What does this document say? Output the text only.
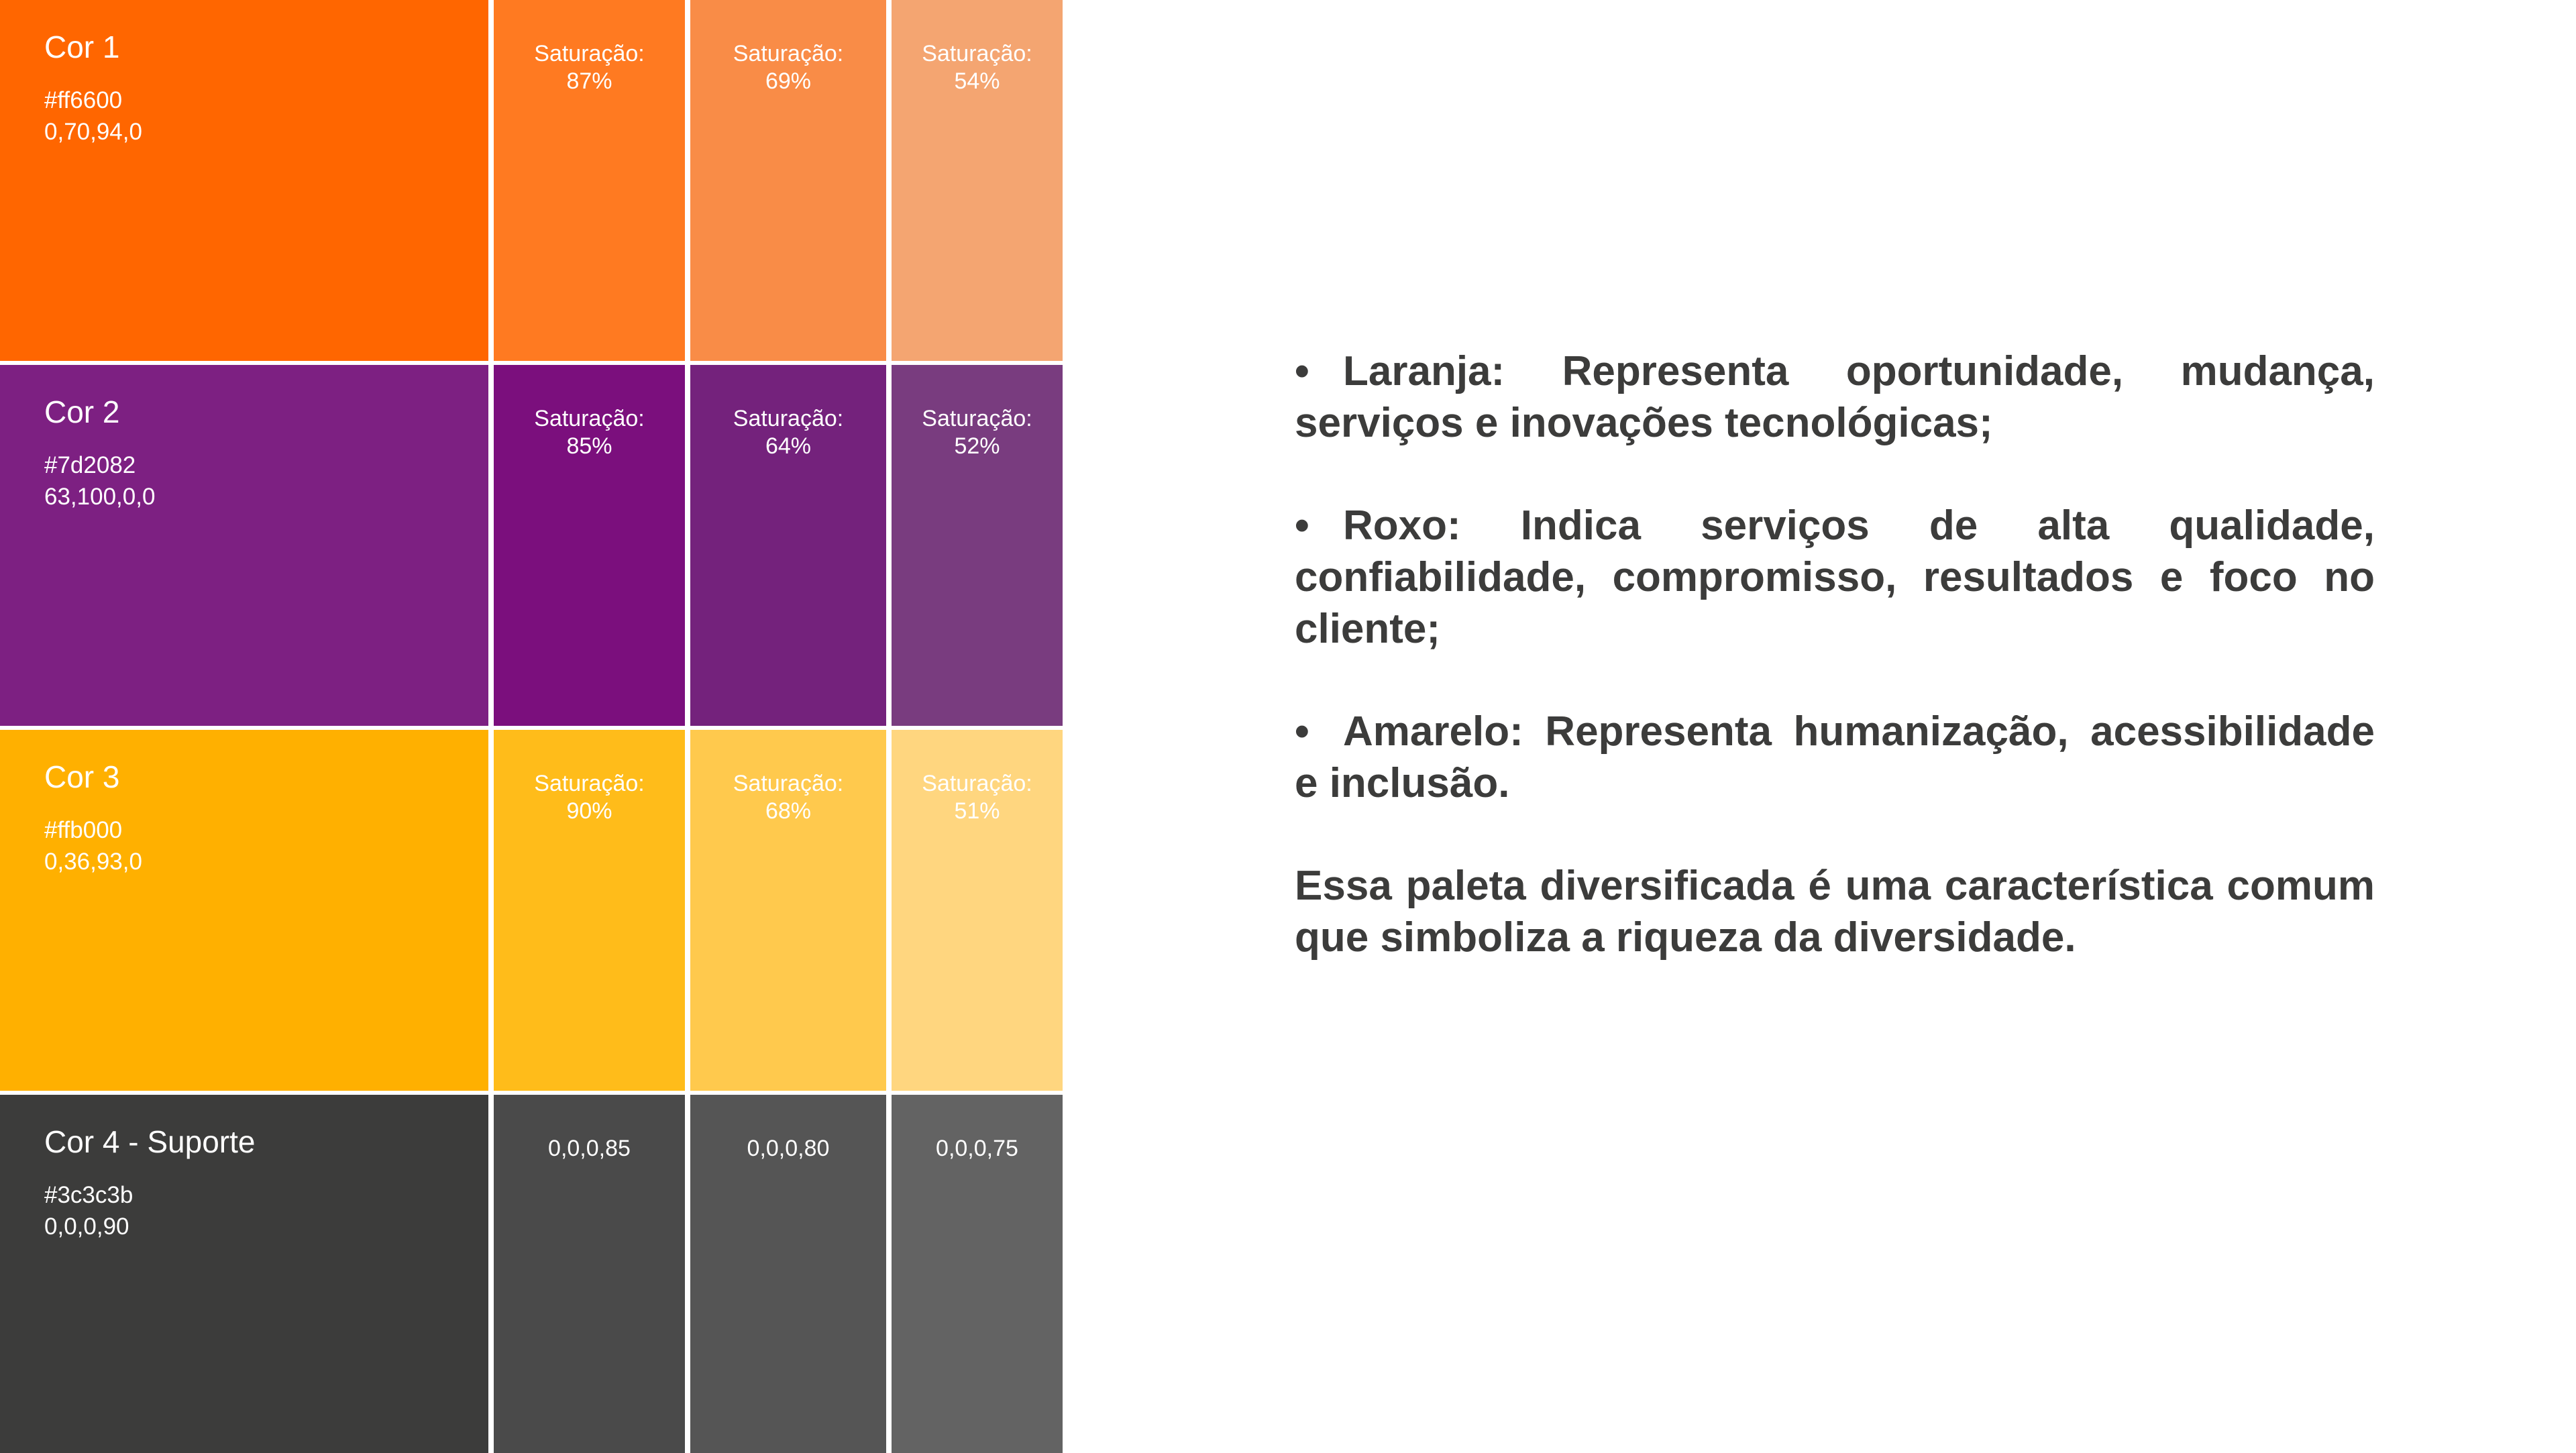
Cor 1
#ff6600
0,70,94,0
Saturação:
87%
Saturação:
69%
Saturação:
54%
Cor 2
#7d2082
63,100,0,0
Saturação:
85%
Saturação:
64%
Saturação:
52%
Cor 3
#ffb000
0,36,93,0
Saturação:
90%
Saturação:
68%
Saturação:
51%
Cor 4 - Suporte
#3c3c3b
0,0,0,90
0,0,0,85	0,0,0,80	0,0,0,75

• Laranja: Representa oportunidade, mudança, serviços e inovações tecnológicas;

• Roxo: Indica serviços de alta qualidade, confiabilidade, compromisso, resultados e foco no cliente;

• Amarelo: Representa humanização, acessibilidade e inclusão.

Essa paleta diversificada é uma característica comum que simboliza a riqueza da diversidade.
